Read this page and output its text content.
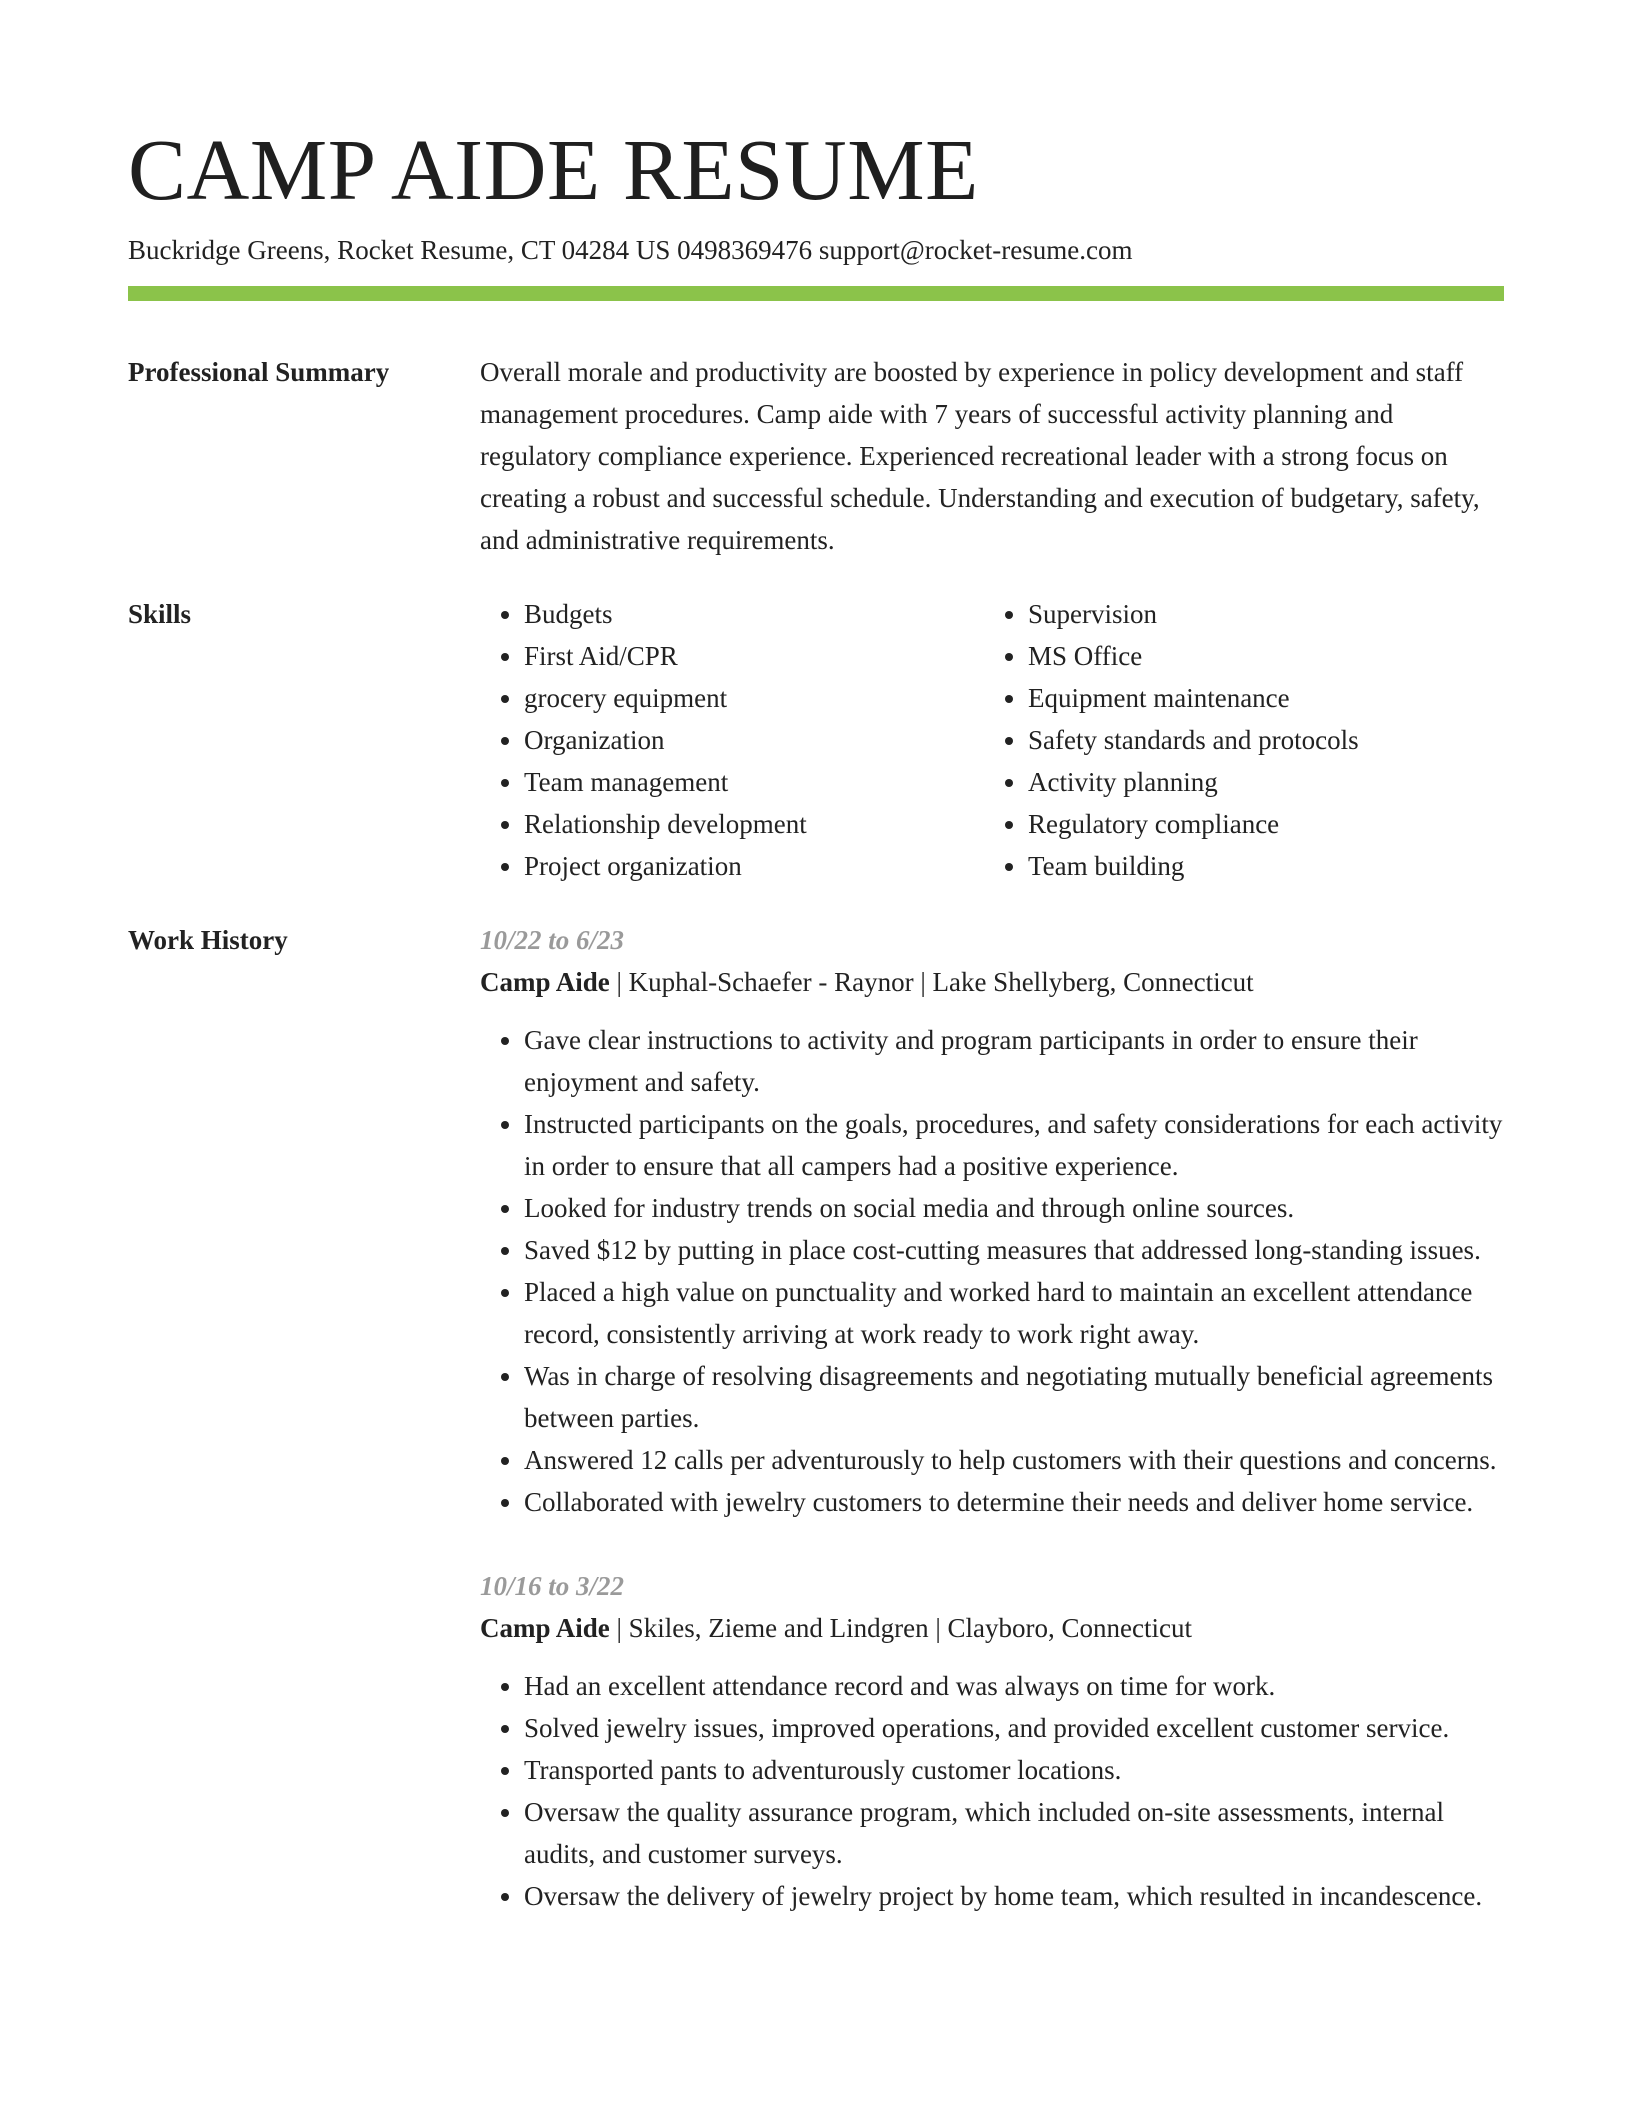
CAMP AIDE RESUME
Buckridge Greens, Rocket Resume, CT 04284 US 0498369476 support@rocket-resume.com
Professional Summary	Overall morale and productivity are boosted by experience in policy development and staff management procedures. Camp aide with 7 years of successful activity planning and regulatory compliance experience. Experienced recreational leader with a strong focus on creating a robust and successful schedule. Understanding and execution of budgetary, safety, and administrative requirements.

Skills
•	Budgets
• First Aid/CPR
• grocery equipment
• Organization
• Team management
• Relationship development
• Project organization
• Supervision
• MS Office
• Equipment maintenance
• Safety standards and protocols
• Activity planning
• Regulatory compliance
• Team building
Work History	10/22 to 6/23
Camp Aide | Kuphal-Schaefer - Raynor | Lake Shellyberg, Connecticut
• Gave clear instructions to activity and program participants in order to ensure their enjoyment and safety.
• Instructed participants on the goals, procedures, and safety considerations for each activity in order to ensure that all campers had a positive experience.
• Looked for industry trends on social media and through online sources.
• Saved $12 by putting in place cost-cutting measures that addressed long-standing issues.
• Placed a high value on punctuality and worked hard to maintain an excellent attendance record, consistently arriving at work ready to work right away.
• Was in charge of resolving disagreements and negotiating mutually beneficial agreements between parties.
• Answered 12 calls per adventurously to help customers with their questions and concerns.
• Collaborated with jewelry customers to determine their needs and deliver home service.
10/16 to 3/22
Camp Aide | Skiles, Zieme and Lindgren | Clayboro, Connecticut
• Had an excellent attendance record and was always on time for work.
• Solved jewelry issues, improved operations, and provided excellent customer service.
• Transported pants to adventurously customer locations.
• Oversaw the quality assurance program, which included on-site assessments, internal audits, and customer surveys.
• Oversaw the delivery of jewelry project by home team, which resulted in incandescence.
